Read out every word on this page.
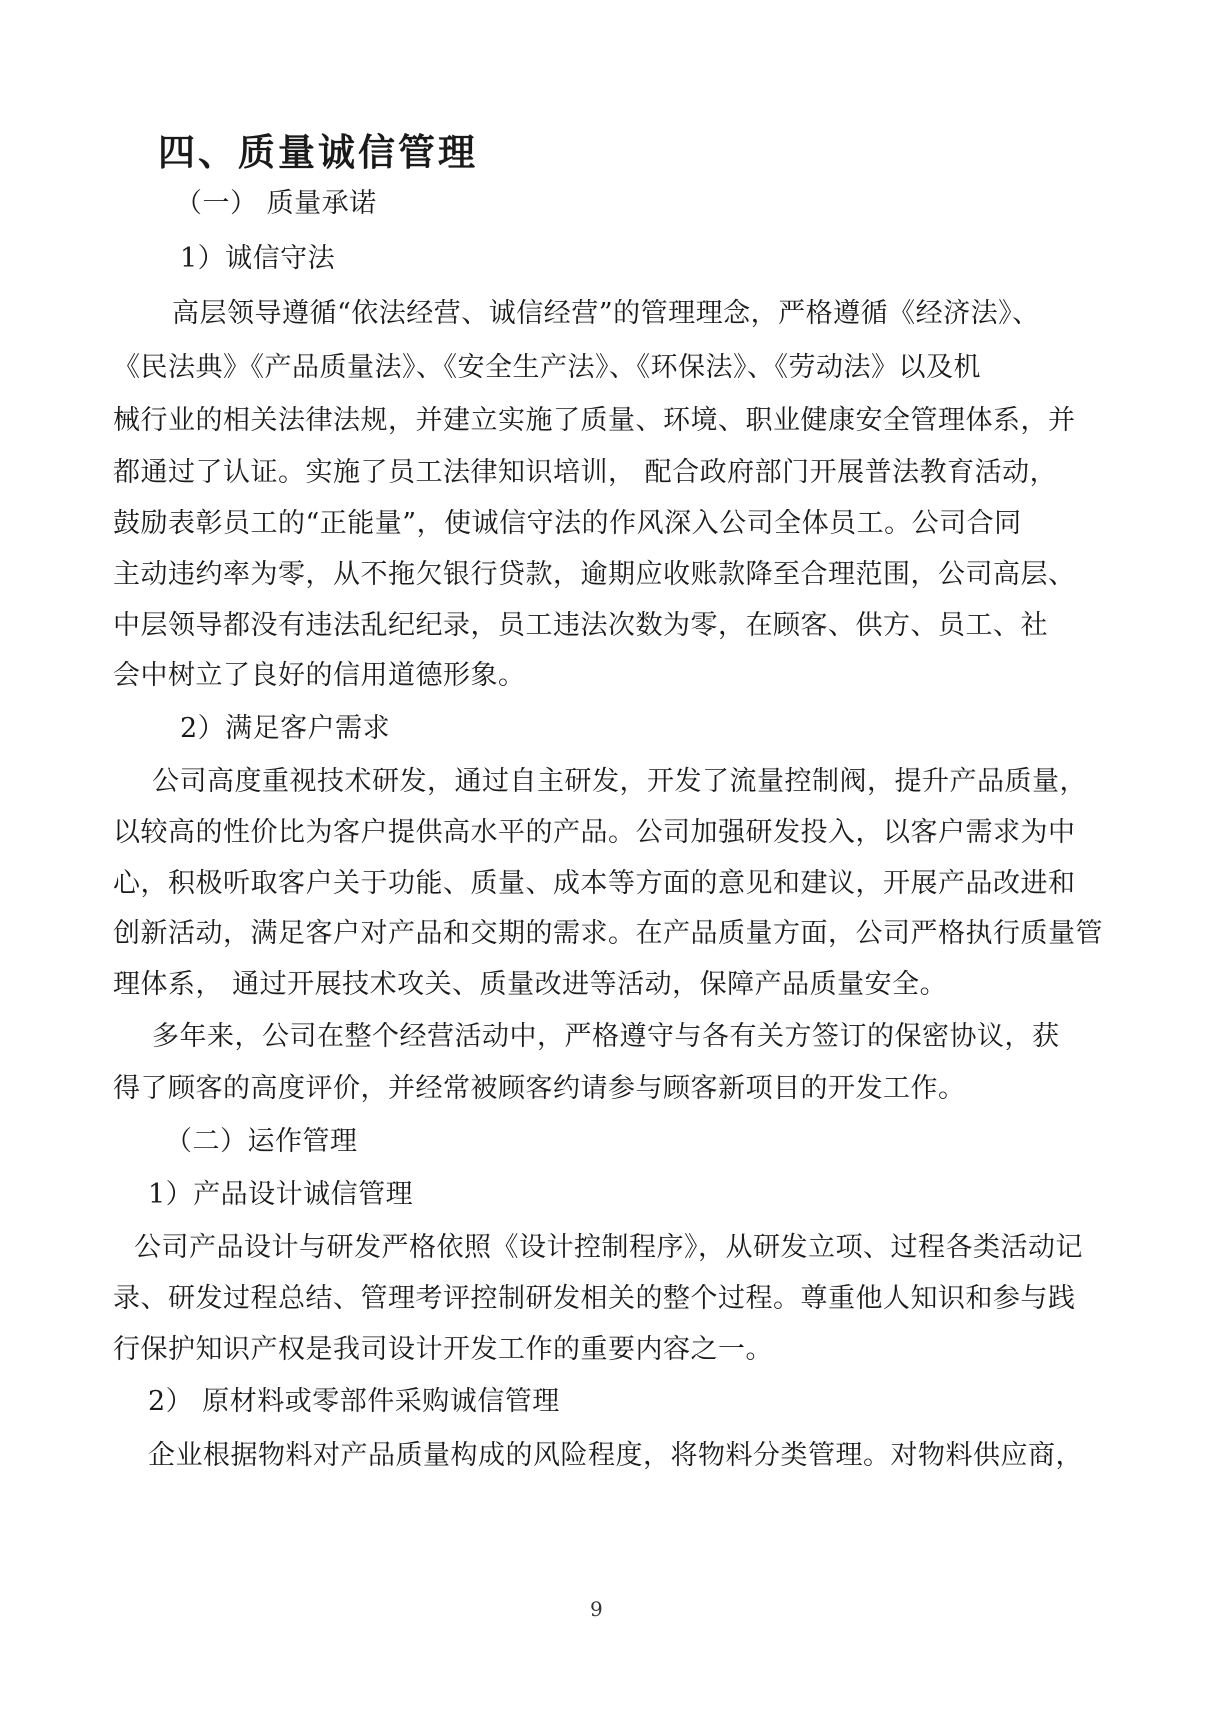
四、质量诚信管理
（一） 质量承诺
1）诚信守法
高层领导遵循“依法经营、诚信经营”的管理理念，严格遵循《经济法》、
《民法典》《产品质量法》、《安全生产法》、《环保法》、《劳动法》以及机
械行业的相关法律法规，并建立实施了质量、环境、职业健康安全管理体系，并
都通过了认证。实施了员工法律知识培训， 配合政府部门开展普法教育活动，
鼓励表彰员工的“正能量”，使诚信守法的作风深入公司全体员工。公司合同
主动违约率为零，从不拖欠银行贷款，逾期应收账款降至合理范围，公司高层、
中层领导都没有违法乱纪纪录，员工违法次数为零，在顾客、供方、员工、社
会中树立了良好的信用道德形象。
2）满足客户需求
公司高度重视技术研发，通过自主研发，开发了流量控制阀，提升产品质量，
以较高的性价比为客户提供高水平的产品。公司加强研发投入，以客户需求为中
心，积极听取客户关于功能、质量、成本等方面的意见和建议，开展产品改进和
创新活动，满足客户对产品和交期的需求。在产品质量方面，公司严格执行质量管
理体系， 通过开展技术攻关、质量改进等活动，保障产品质量安全。
多年来，公司在整个经营活动中，严格遵守与各有关方签订的保密协议，获
得了顾客的高度评价，并经常被顾客约请参与顾客新项目的开发工作。
（二）运作管理
1）产品设计诚信管理
公司产品设计与研发严格依照《设计控制程序》，从研发立项、过程各类活动记
录、研发过程总结、管理考评控制研发相关的整个过程。尊重他人知识和参与践
行保护知识产权是我司设计开发工作的重要内容之一。
2） 原材料或零部件采购诚信管理
企业根据物料对产品质量构成的风险程度，将物料分类管理。对物料供应商，
9
